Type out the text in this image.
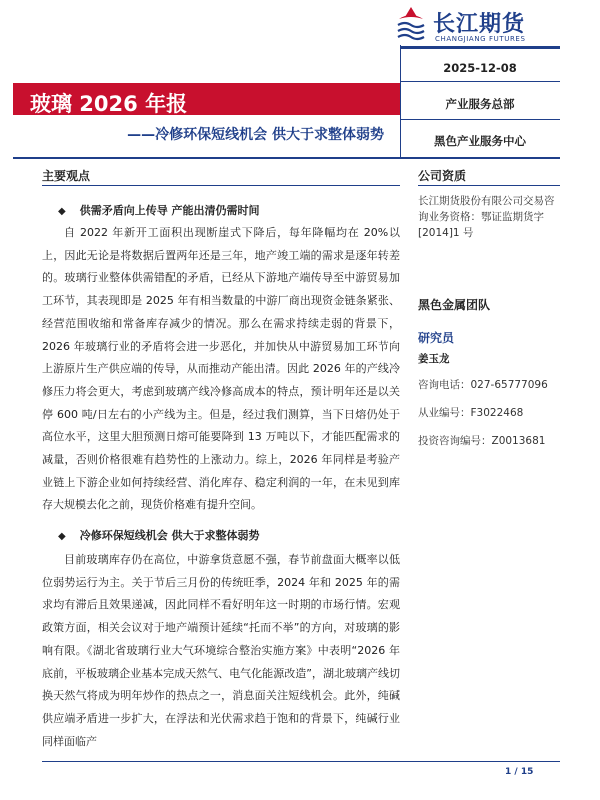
长江期货
CHANGJIANG FUTURES
玻璃 2026 年报
——冷修环保短线机会 供大于求整体弱势
2025-12-08
产业服务总部
黑色产业服务中心
主要观点
◆ 供需矛盾向上传导 产能出清仍需时间

自 2022 年新开工面积出现断崖式下降后，每年降幅均在 20%以上，因此无论是将数据后置两年还是三年，地产竣工端的需求是逐年转差的。玻璃行业整体供需错配的矛盾，已经从下游地产端传导至中游贸易加工环节，其表现即是 2025 年有相当数量的中游厂商出现资金链条紧张、经营范围收缩和常备库存减少的情况。那么在需求持续走弱的背景下，2026 年玻璃行业的矛盾将会进一步恶化，并加快从中游贸易加工环节向上游原片生产供应端的传导，从而推动产能出清。因此 2026 年的产线冷修压力将会更大，考虑到玻璃产线冷修高成本的特点，预计明年还是以关停 600 吨/日左右的小产线为主。但是，经过我们测算，当下日熔仍处于高位水平，这里大胆预测日熔可能要降到 13 万吨以下，才能匹配需求的减量，否则价格很难有趋势性的上涨动力。综上，2026 年同样是考验产业链上下游企业如何持续经营、消化库存、稳定利润的一年，在未见到库存大规模去化之前，现货价格难有提升空间。

◆ 冷修环保短线机会 供大于求整体弱势

目前玻璃库存仍在高位，中游拿货意愿不强，春节前盘面大概率以低位弱势运行为主。关于节后三月份的传统旺季，2024 年和 2025 年的需求均有滞后且效果递减，因此同样不看好明年这一时期的市场行情。宏观政策方面，相关会议对于地产端预计延续“托而不举”的方向，对玻璃的影响有限。《湖北省玻璃行业大气环境综合整治实施方案》中表明“2026 年底前，平板玻璃企业基本完成天然气、电气化能源改造”，湖北玻璃产线切换天然气将成为明年炒作的热点之一，消息面关注短线机会。此外，纯碱供应端矛盾进一步扩大，在浮法和光伏需求趋于饱和的背景下，纯碱行业同样面临产

公司资质
长江期货股份有限公司交易咨询业务资格：鄂证监期货字[2014]1 号
黑色金属团队
研究员
姜玉龙
咨询电话：027-65777096
从业编号：F3022468
投资咨询编号：Z0013681
1 / 15
